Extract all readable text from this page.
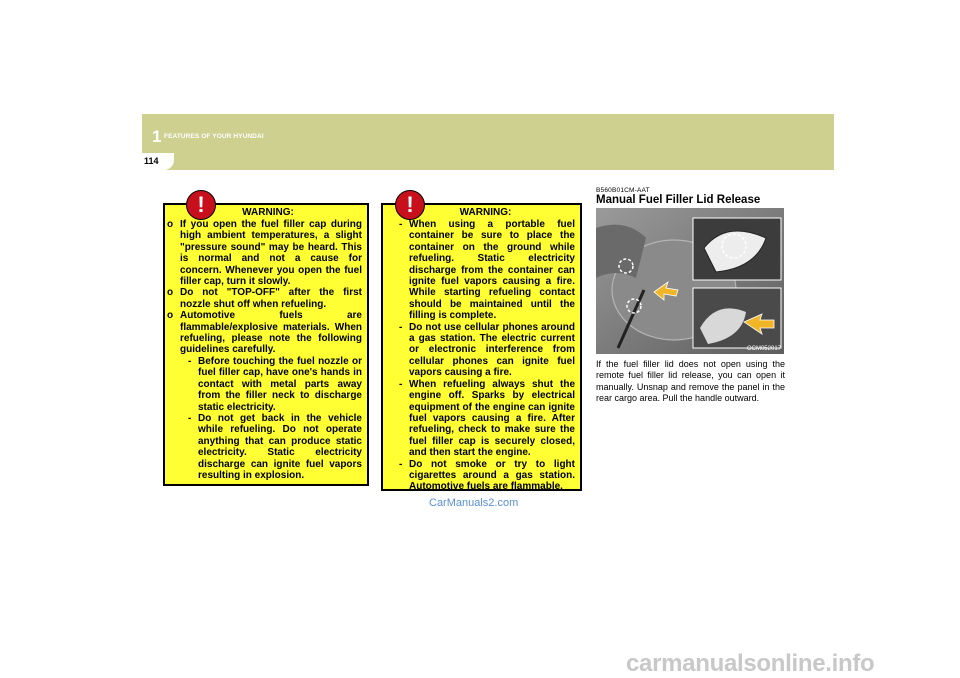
1 FEATURES OF YOUR HYUNDAI
114
!	WARNING:
o If you open the fuel filler cap during high ambient temperatures, a slight "pressure sound" may be heard. This is normal and not a cause for concern. Whenever you open the fuel filler cap, turn it slowly.
o Do not "TOP-OFF" after the first nozzle shut off when refueling.
o Automotive fuels are flammable/explosive materials. When refueling, please note the following guidelines carefully.
- Before touching the fuel nozzle or fuel filler cap, have one's hands in contact with metal parts away from the filler neck to discharge static electricity.
- Do not get back in the vehicle while refueling. Do not operate anything that can produce static electricity. Static electricity discharge can ignite fuel vapors resulting in explosion.
!	WARNING:
- When using a portable fuel container be sure to place the container on the ground while refueling. Static electricity discharge from the container can ignite fuel vapors causing a fire. While starting refueling contact should be maintained until the filling is complete.
- Do not use cellular phones around a gas station. The electric current or electronic interference from cellular phones can ignite fuel vapors causing a fire.
- When refueling always shut the engine off. Sparks by electrical equipment of the engine can ignite fuel vapors causing a fire. After refueling, check to make sure the fuel filler cap is securely closed, and then start the engine.
- Do not smoke or try to light cigarettes around a gas station. Automotive fuels are flammable.
B560B01CM-AAT
Manual Fuel Filler Lid Release
OCM052017
If the fuel filler lid does not open using the remote fuel filler lid release, you can open it manually. Unsnap and remove the panel in the rear cargo area. Pull the handle outward.
CarManuals2.com
carmanualsonline.info
